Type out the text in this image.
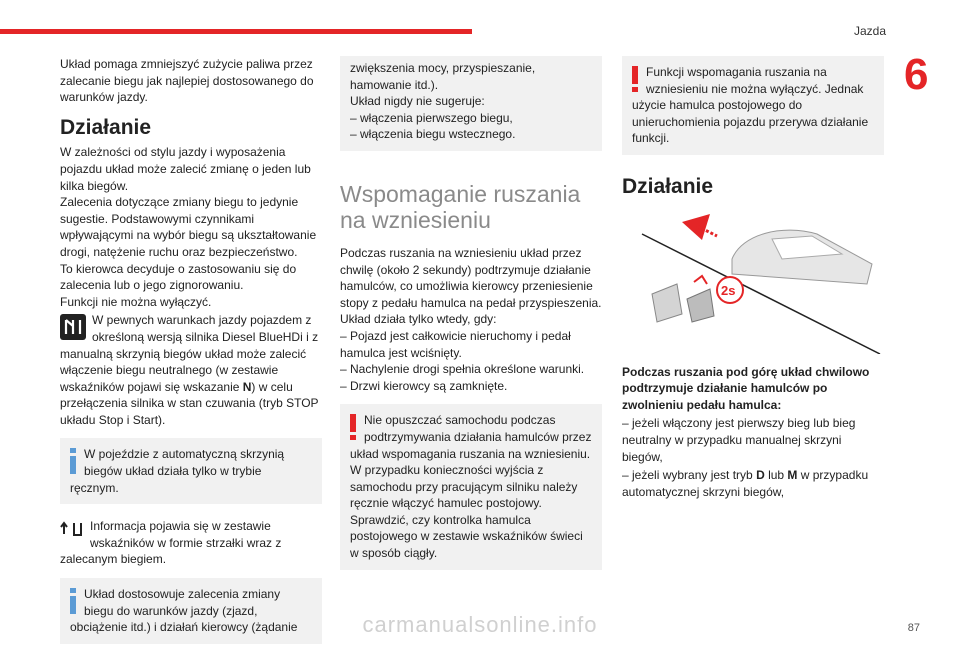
Jazda
6

Układ pomaga zmniejszyć zużycie paliwa przez zalecanie biegu jak najlepiej dostosowanego do warunków jazdy.

Działanie

W zależności od stylu jazdy i wyposażenia pojazdu układ może zalecić zmianę o jeden lub kilka biegów.
Zalecenia dotyczące zmiany biegu to jedynie sugestie. Podstawowymi czynnikami wpływającymi na wybór biegu są ukształtowanie drogi, natężenie ruchu oraz bezpieczeństwo.
To kierowca decyduje o zastosowaniu się do zalecenia lub o jego zignorowaniu.
Funkcji nie można wyłączyć.

W pewnych warunkach jazdy pojazdem z określoną wersją silnika Diesel BlueHDi i z manualną skrzynią biegów układ może zalecić włączenie biegu neutralnego (w zestawie wskaźników pojawi się wskazanie N) w celu przełączenia silnika w stan czuwania (tryb STOP układu Stop i Start).

W pojeździe z automatyczną skrzynią biegów układ działa tylko w trybie ręcznym.

Informacja pojawia się w zestawie wskaźników w formie strzałki wraz z zalecanym biegiem.

Układ dostosowuje zalecenia zmiany biegu do warunków jazdy (zjazd, obciążenie itd.) i działań kierowcy (żądanie
zwiększenia mocy, przyspieszanie, hamowanie itd.).
Układ nigdy nie sugeruje:
– włączenia pierwszego biegu,
– włączenia biegu wstecznego.
Wspomaganie ruszania na wzniesieniu

Podczas ruszania na wzniesieniu układ przez chwilę (około 2 sekundy) podtrzymuje działanie hamulców, co umożliwia kierowcy przeniesienie stopy z pedału hamulca na pedał przyspieszenia.
Układ działa tylko wtedy, gdy:
– Pojazd jest całkowicie nieruchomy i pedał hamulca jest wciśnięty.
– Nachylenie drogi spełnia określone warunki.
– Drzwi kierowcy są zamknięte.

Nie opuszczać samochodu podczas podtrzymywania działania hamulców przez układ wspomagania ruszania na wzniesieniu.
W przypadku konieczności wyjścia z samochodu przy pracującym silniku należy ręcznie włączyć hamulec postojowy.
Sprawdzić, czy kontrolka hamulca postojowego w zestawie wskaźników świeci w sposób ciągły.
Funkcji wspomagania ruszania na wzniesieniu nie można wyłączyć. Jednak użycie hamulca postojowego do unieruchomienia pojazdu przerywa działanie funkcji.
Działanie
2s

Podczas ruszania pod górę układ chwilowo podtrzymuje działanie hamulców po zwolnieniu pedału hamulca:

– jeżeli włączony jest pierwszy bieg lub bieg neutralny w przypadku manualnej skrzyni biegów,

– jeżeli wybrany jest tryb D lub M w przypadku automatycznej skrzyni biegów,

carmanualsonline.info	87
